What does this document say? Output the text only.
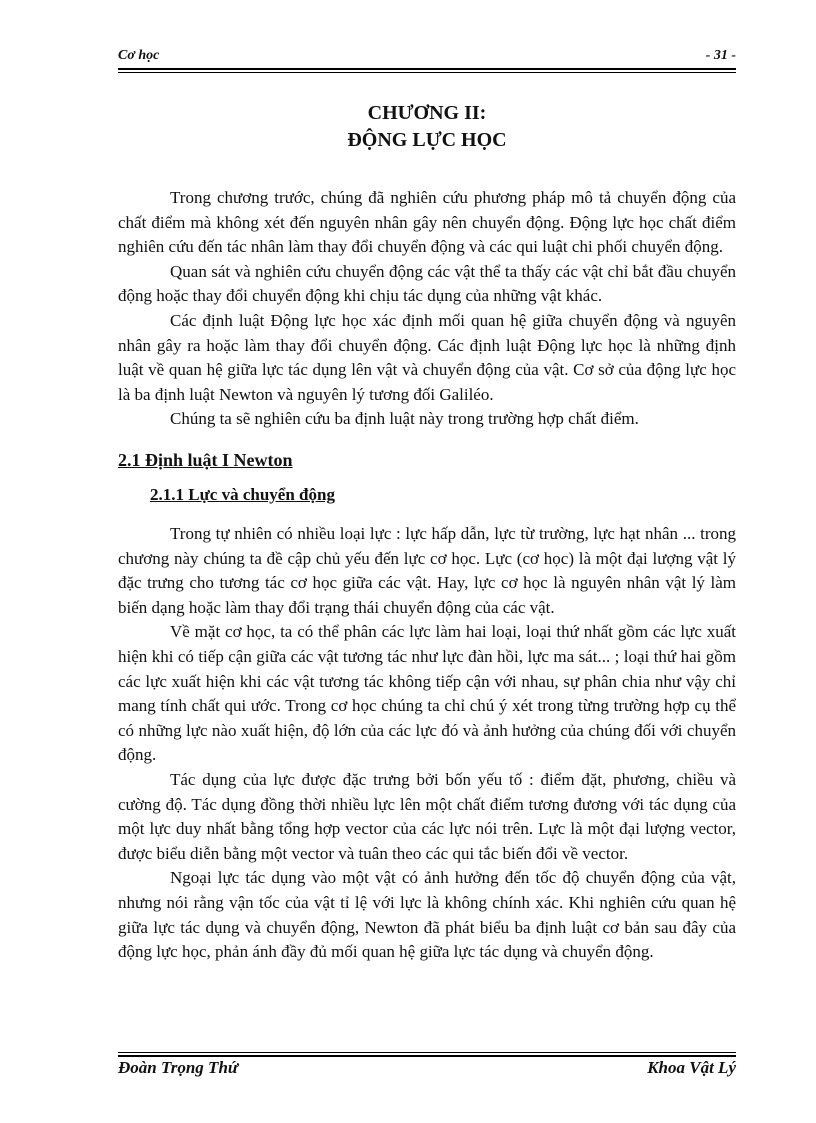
Cơ học	- 31 -
CHƯƠNG II:
ĐỘNG LỰC HỌC

Trong chương trước, chúng đã nghiên cứu phương pháp mô tả chuyển động của chất điểm mà không xét đến nguyên nhân gây nên chuyển động. Động lực học chất điểm nghiên cứu đến tác nhân làm thay đổi chuyển động và các qui luật chi phối chuyển động.

Quan sát và nghiên cứu chuyển động các vật thể ta thấy các vật chỉ bắt đầu chuyển động hoặc thay đổi chuyển động khi chịu tác dụng của những vật khác.

Các định luật Động lực học xác định mối quan hệ giữa chuyển động và nguyên nhân gây ra hoặc làm thay đổi chuyển động. Các định luật Động lực học là những định luật về quan hệ giữa lực tác dụng lên vật và chuyển động của vật. Cơ sở của động lực học là ba định luật Newton và nguyên lý tương đối Galiléo.

Chúng ta sẽ nghiên cứu ba định luật này trong trường hợp chất điểm.

2.1 Định luật I Newton
2.1.1 Lực và chuyển động

Trong tự nhiên có nhiều loại lực : lực hấp dẫn, lực từ trường, lực hạt nhân ... trong chương này chúng ta đề cập chủ yếu đến lực cơ học. Lực (cơ học) là một đại lượng vật lý đặc trưng cho tương tác cơ học giữa các vật. Hay, lực cơ học là nguyên nhân vật lý làm biến dạng hoặc làm thay đổi trạng thái chuyển động của các vật.

Về mặt cơ học, ta có thể phân các lực làm hai loại, loại thứ nhất gồm các lực xuất hiện khi có tiếp cận giữa các vật tương tác như lực đàn hồi, lực ma sát... ; loại thứ hai gồm các lực xuất hiện khi các vật tương tác không tiếp cận với nhau, sự phân chia như vậy chỉ mang tính chất qui ước. Trong cơ học chúng ta chỉ chú ý xét trong từng trường hợp cụ thể có những lực nào xuất hiện, độ lớn của các lực đó và ảnh hưởng của chúng đối với chuyển động.

Tác dụng của lực được đặc trưng bởi bốn yếu tố : điểm đặt, phương, chiều và cường độ. Tác dụng đồng thời nhiều lực lên một chất điểm tương đương với tác dụng của một lực duy nhất bằng tổng hợp vector của các lực nói trên. Lực là một đại lượng vector, được biểu diễn bằng một vector và tuân theo các qui tắc biến đổi về vector.

Ngoại lực tác dụng vào một vật có ảnh hưởng đến tốc độ chuyển động của vật, nhưng nói rằng vận tốc của vật tỉ lệ với lực là không chính xác. Khi nghiên cứu quan hệ giữa lực tác dụng và chuyển động, Newton đã phát biểu ba định luật cơ bản sau đây của động lực học, phản ánh đầy đủ mối quan hệ giữa lực tác dụng và chuyển động.

Đoàn Trọng Thứ	Khoa Vật Lý
